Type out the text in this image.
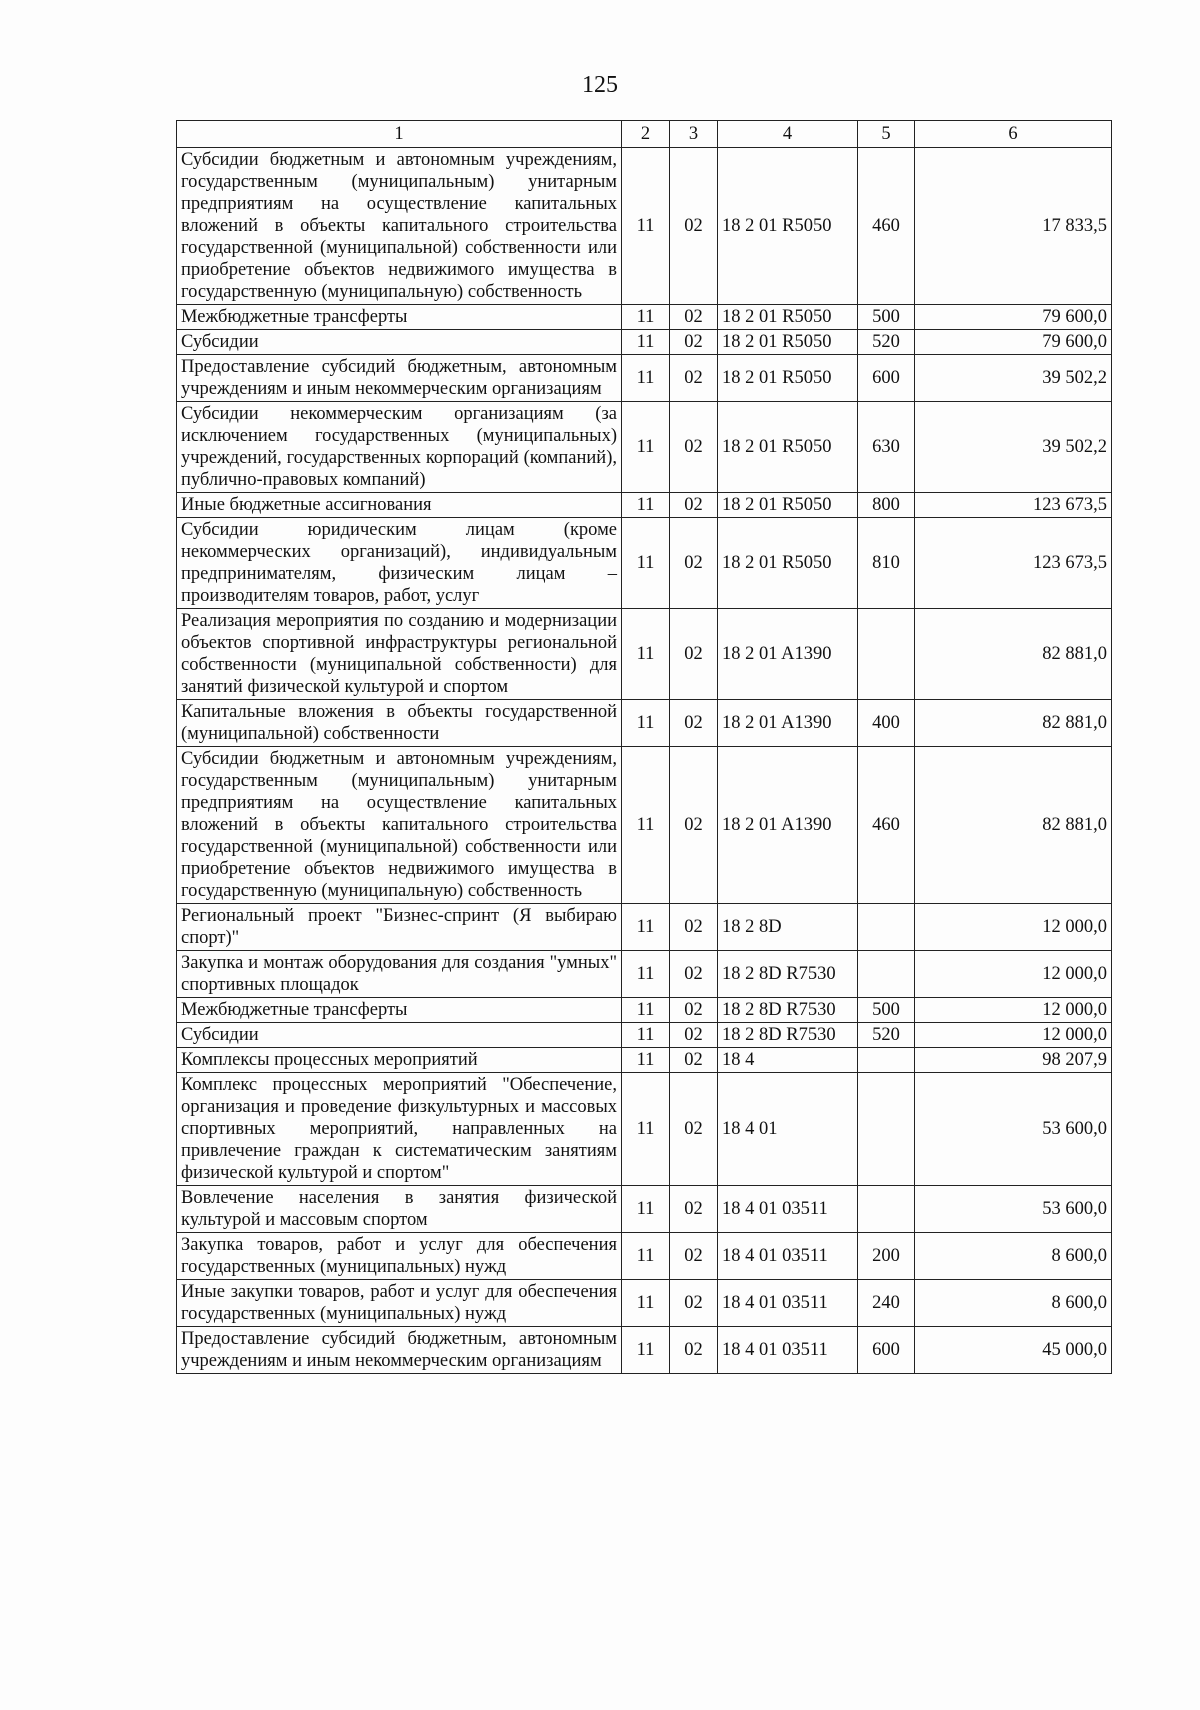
125
1	2	3	4	5	6
Субсидии бюджетным и автономным учреждениям, государственным (муниципальным) унитарным предприятиям на осуществление капитальных вложений в объекты капитального строительства государственной (муниципальной) собственности или приобретение объектов недвижимого имущества в государственную (муниципальную) собственность	11	02	18 2 01 R5050	460	17 833,5
Межбюджетные трансферты	11	02	18 2 01 R5050	500	79 600,0
Субсидии	11	02	18 2 01 R5050	520	79 600,0
Предоставление субсидий бюджетным, автономным учреждениям и иным некоммерческим организациям	11	02	18 2 01 R5050	600	39 502,2
Субсидии некоммерческим организациям (за исключением государственных (муниципальных) учреждений, государственных корпораций (компаний), публично-правовых компаний)	11	02	18 2 01 R5050	630	39 502,2
Иные бюджетные ассигнования	11	02	18 2 01 R5050	800	123 673,5
Субсидии юридическим лицам (кроме некоммерческих организаций), индивидуальным предпринимателям, физическим лицам – производителям товаров, работ, услуг	11	02	18 2 01 R5050	810	123 673,5
Реализация мероприятия по созданию и модернизации объектов спортивной инфраструктуры региональной собственности (муниципальной собственности) для занятий физической культурой и спортом	11	02	18 2 01 A1390		82 881,0
Капитальные вложения в объекты государственной (муниципальной) собственности	11	02	18 2 01 A1390	400	82 881,0
Субсидии бюджетным и автономным учреждениям, государственным (муниципальным) унитарным предприятиям на осуществление капитальных вложений в объекты капитального строительства государственной (муниципальной) собственности или приобретение объектов недвижимого имущества в государственную (муниципальную) собственность	11	02	18 2 01 A1390	460	82 881,0
Региональный проект "Бизнес-спринт (Я выбираю спорт)"	11	02	18 2 8D		12 000,0
Закупка и монтаж оборудования для создания "умных" спортивных площадок	11	02	18 2 8D R7530		12 000,0
Межбюджетные трансферты	11	02	18 2 8D R7530	500	12 000,0
Субсидии	11	02	18 2 8D R7530	520	12 000,0
Комплексы процессных мероприятий	11	02	18 4		98 207,9
Комплекс процессных мероприятий "Обеспечение, организация и проведение физкультурных и массовых спортивных мероприятий, направленных на привлечение граждан к систематическим занятиям физической культурой и спортом"	11	02	18 4 01		53 600,0
Вовлечение населения в занятия физической культурой и массовым спортом	11	02	18 4 01 03511		53 600,0
Закупка товаров, работ и услуг для обеспечения государственных (муниципальных) нужд	11	02	18 4 01 03511	200	8 600,0
Иные закупки товаров, работ и услуг для обеспечения государственных (муниципальных) нужд	11	02	18 4 01 03511	240	8 600,0
Предоставление субсидий бюджетным, автономным учреждениям и иным некоммерческим организациям	11	02	18 4 01 03511	600	45 000,0
